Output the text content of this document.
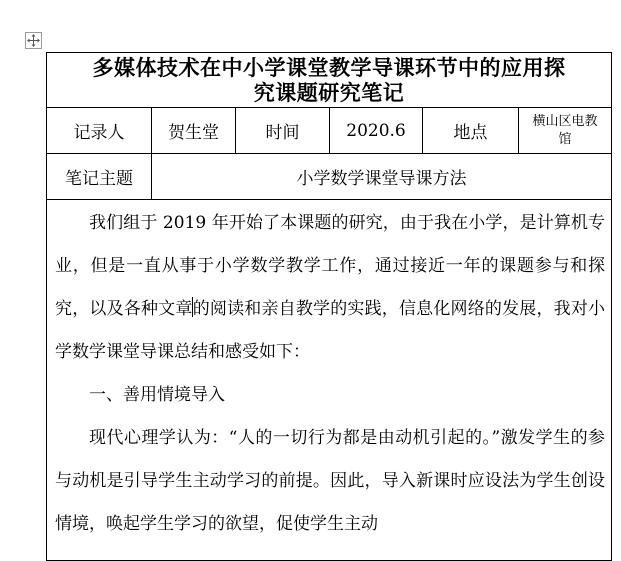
多媒体技术在中小学课堂教学导课环节中的应用探究课题研究笔记					

记录人	贺生堂	时间	2020.6	地点	横山区电教馆

笔记主题	小学数学课堂导课方法				

我们组于 2019 年开始了本课题的研究，由于我在小学，是计算机专业，但是一直从事于小学数学教学工作，通过接近一年的课题参与和探究，以及各种文章的阅读和亲自教学的实践，信息化网络的发展，我对小学数学课堂导课总结和感受如下：

一、善用情境导入

现代心理学认为：“人的一切行为都是由动机引起的。”激发学生的参与动机是引导学生主动学习的前提。因此，导入新课时应设法为学生创设情境，唤起学生学习的欲望，促使学生主动					
